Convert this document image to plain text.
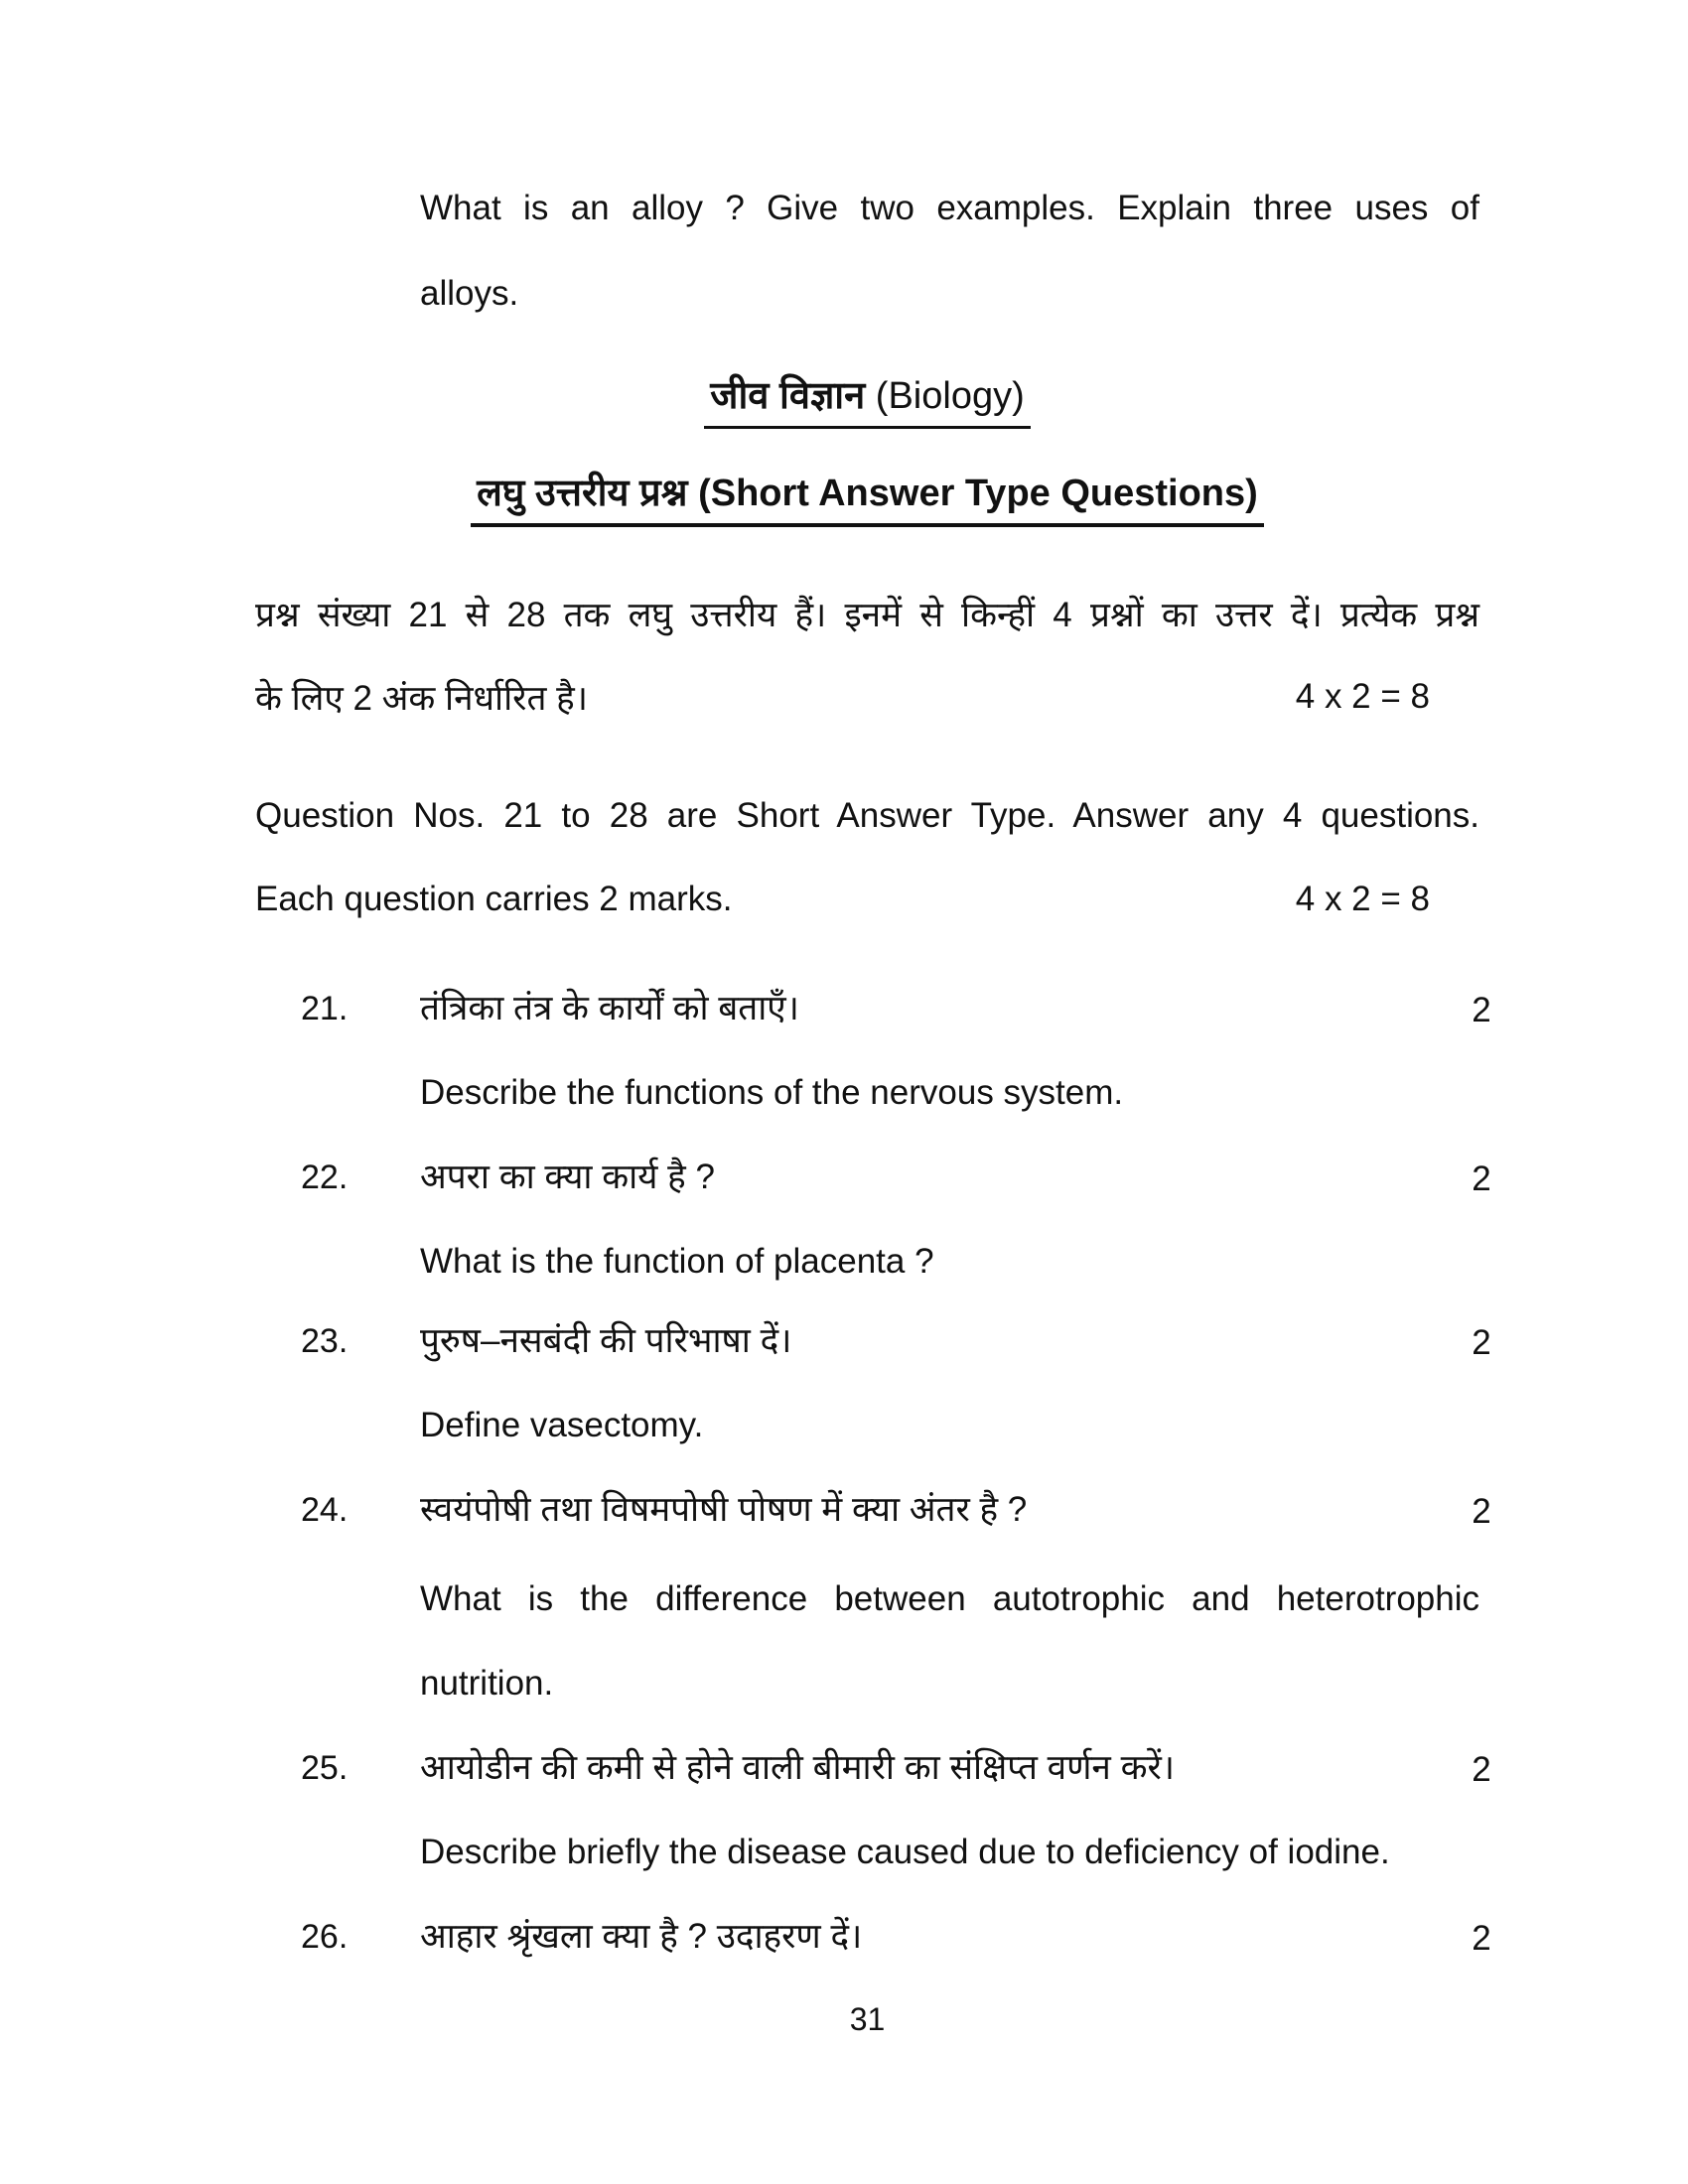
What is an alloy ? Give two examples. Explain three uses of
alloys.
जीव विज्ञान (Biology)
लघु उत्तरीय प्रश्न (Short Answer Type Questions)
प्रश्न संख्या 21 से 28 तक लघु उत्तरीय हैं। इनमें से किन्हीं 4 प्रश्नों का उत्तर दें। प्रत्येक प्रश्न
के लिए 2 अंक निर्धारित है।	4 x 2 = 8
Question Nos. 21 to 28 are Short Answer Type. Answer any 4 questions.
Each question carries 2 marks.	4 x 2 = 8
21.	तंत्रिका तंत्र के कार्यों को बताएँ।	2
Describe the functions of the nervous system.
22.	अपरा का क्या कार्य है ?	2
What is the function of placenta ?
23.	पुरुष–नसबंदी की परिभाषा दें।	2
Define vasectomy.
24.	स्वयंपोषी तथा विषमपोषी पोषण में क्या अंतर है ?	2
What is the difference between autotrophic and heterotrophic
nutrition.
25.	आयोडीन की कमी से होने वाली बीमारी का संक्षिप्त वर्णन करें।	2
Describe briefly the disease caused due to deficiency of iodine.
26.	आहार श्रृंखला क्या है ? उदाहरण दें।	2
31
